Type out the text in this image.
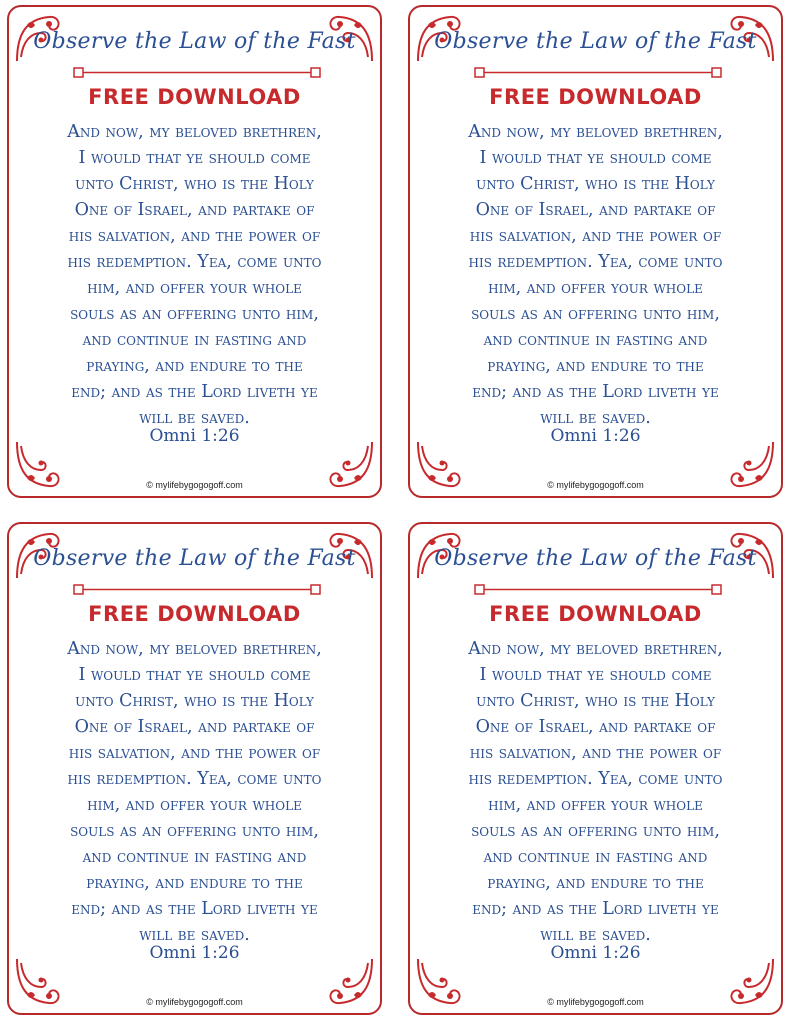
Observe the Law of the Fast
FREE DOWNLOAD
And now, my beloved brethren,
I would that ye should come
unto Christ, who is the Holy
One of Israel, and partake of
his salvation, and the power of
his redemption. Yea, come unto
him, and offer your whole
souls as an offering unto him,
and continue in fasting and
praying, and endure to the
end; and as the Lord liveth ye
will be saved.
Omni 1:26
© mylifebygogogoff.com
Observe the Law of the Fast
FREE DOWNLOAD
And now, my beloved brethren,
I would that ye should come
unto Christ, who is the Holy
One of Israel, and partake of
his salvation, and the power of
his redemption. Yea, come unto
him, and offer your whole
souls as an offering unto him,
and continue in fasting and
praying, and endure to the
end; and as the Lord liveth ye
will be saved.
Omni 1:26
© mylifebygogogoff.com
Observe the Law of the Fast
FREE DOWNLOAD
And now, my beloved brethren,
I would that ye should come
unto Christ, who is the Holy
One of Israel, and partake of
his salvation, and the power of
his redemption. Yea, come unto
him, and offer your whole
souls as an offering unto him,
and continue in fasting and
praying, and endure to the
end; and as the Lord liveth ye
will be saved.
Omni 1:26
© mylifebygogogoff.com
Observe the Law of the Fast
FREE DOWNLOAD
And now, my beloved brethren,
I would that ye should come
unto Christ, who is the Holy
One of Israel, and partake of
his salvation, and the power of
his redemption. Yea, come unto
him, and offer your whole
souls as an offering unto him,
and continue in fasting and
praying, and endure to the
end; and as the Lord liveth ye
will be saved.
Omni 1:26
© mylifebygogogoff.com
